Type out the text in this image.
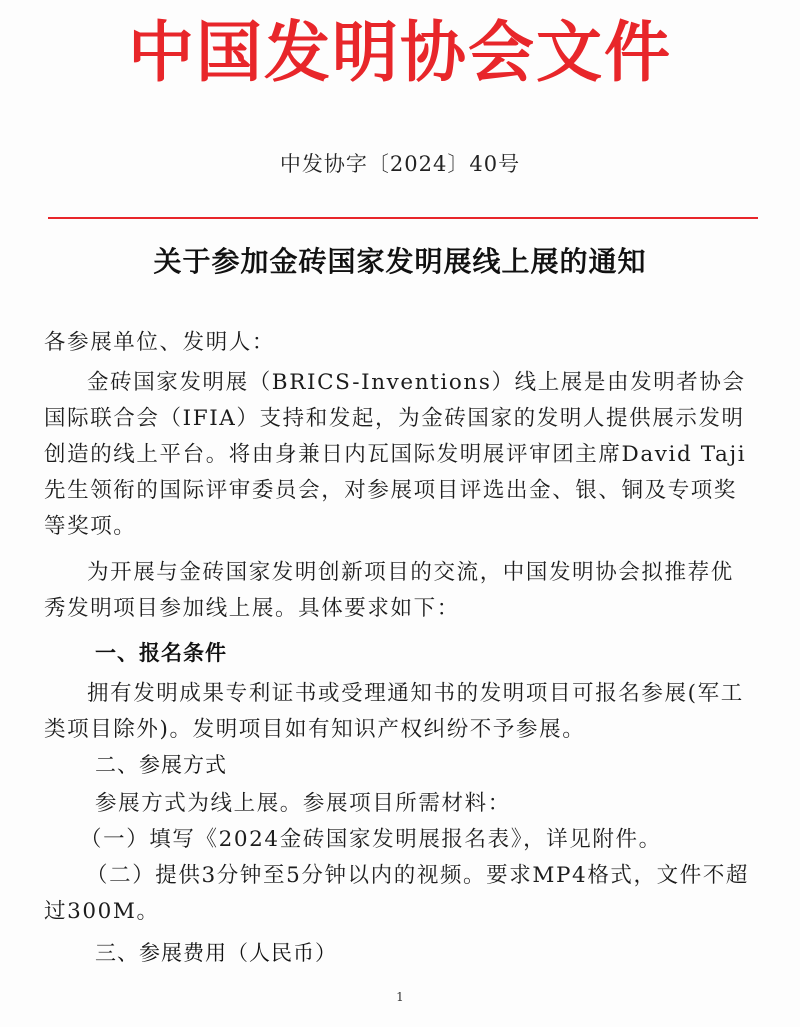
中国发明协会文件
中发协字〔2024〕40号
关于参加金砖国家发明展线上展的通知
各参展单位、发明人：
金砖国家发明展（BRICS-Inventions）线上展是由发明者协会国际联合会（IFIA）支持和发起，为金砖国家的发明人提供展示发明创造的线上平台。将由身兼日内瓦国际发明展评审团主席David Taji 先生领衔的国际评审委员会，对参展项目评选出金、银、铜及专项奖等奖项。
为开展与金砖国家发明创新项目的交流，中国发明协会拟推荐优秀发明项目参加线上展。具体要求如下：
一、报名条件
拥有发明成果专利证书或受理通知书的发明项目可报名参展(军工类项目除外)。发明项目如有知识产权纠纷不予参展。
二、参展方式
参展方式为线上展。参展项目所需材料：
（一）填写《2024金砖国家发明展报名表》，详见附件。
（二）提供3分钟至5分钟以内的视频。要求MP4格式，文件不超过300M。
三、参展费用（人民币）
1
